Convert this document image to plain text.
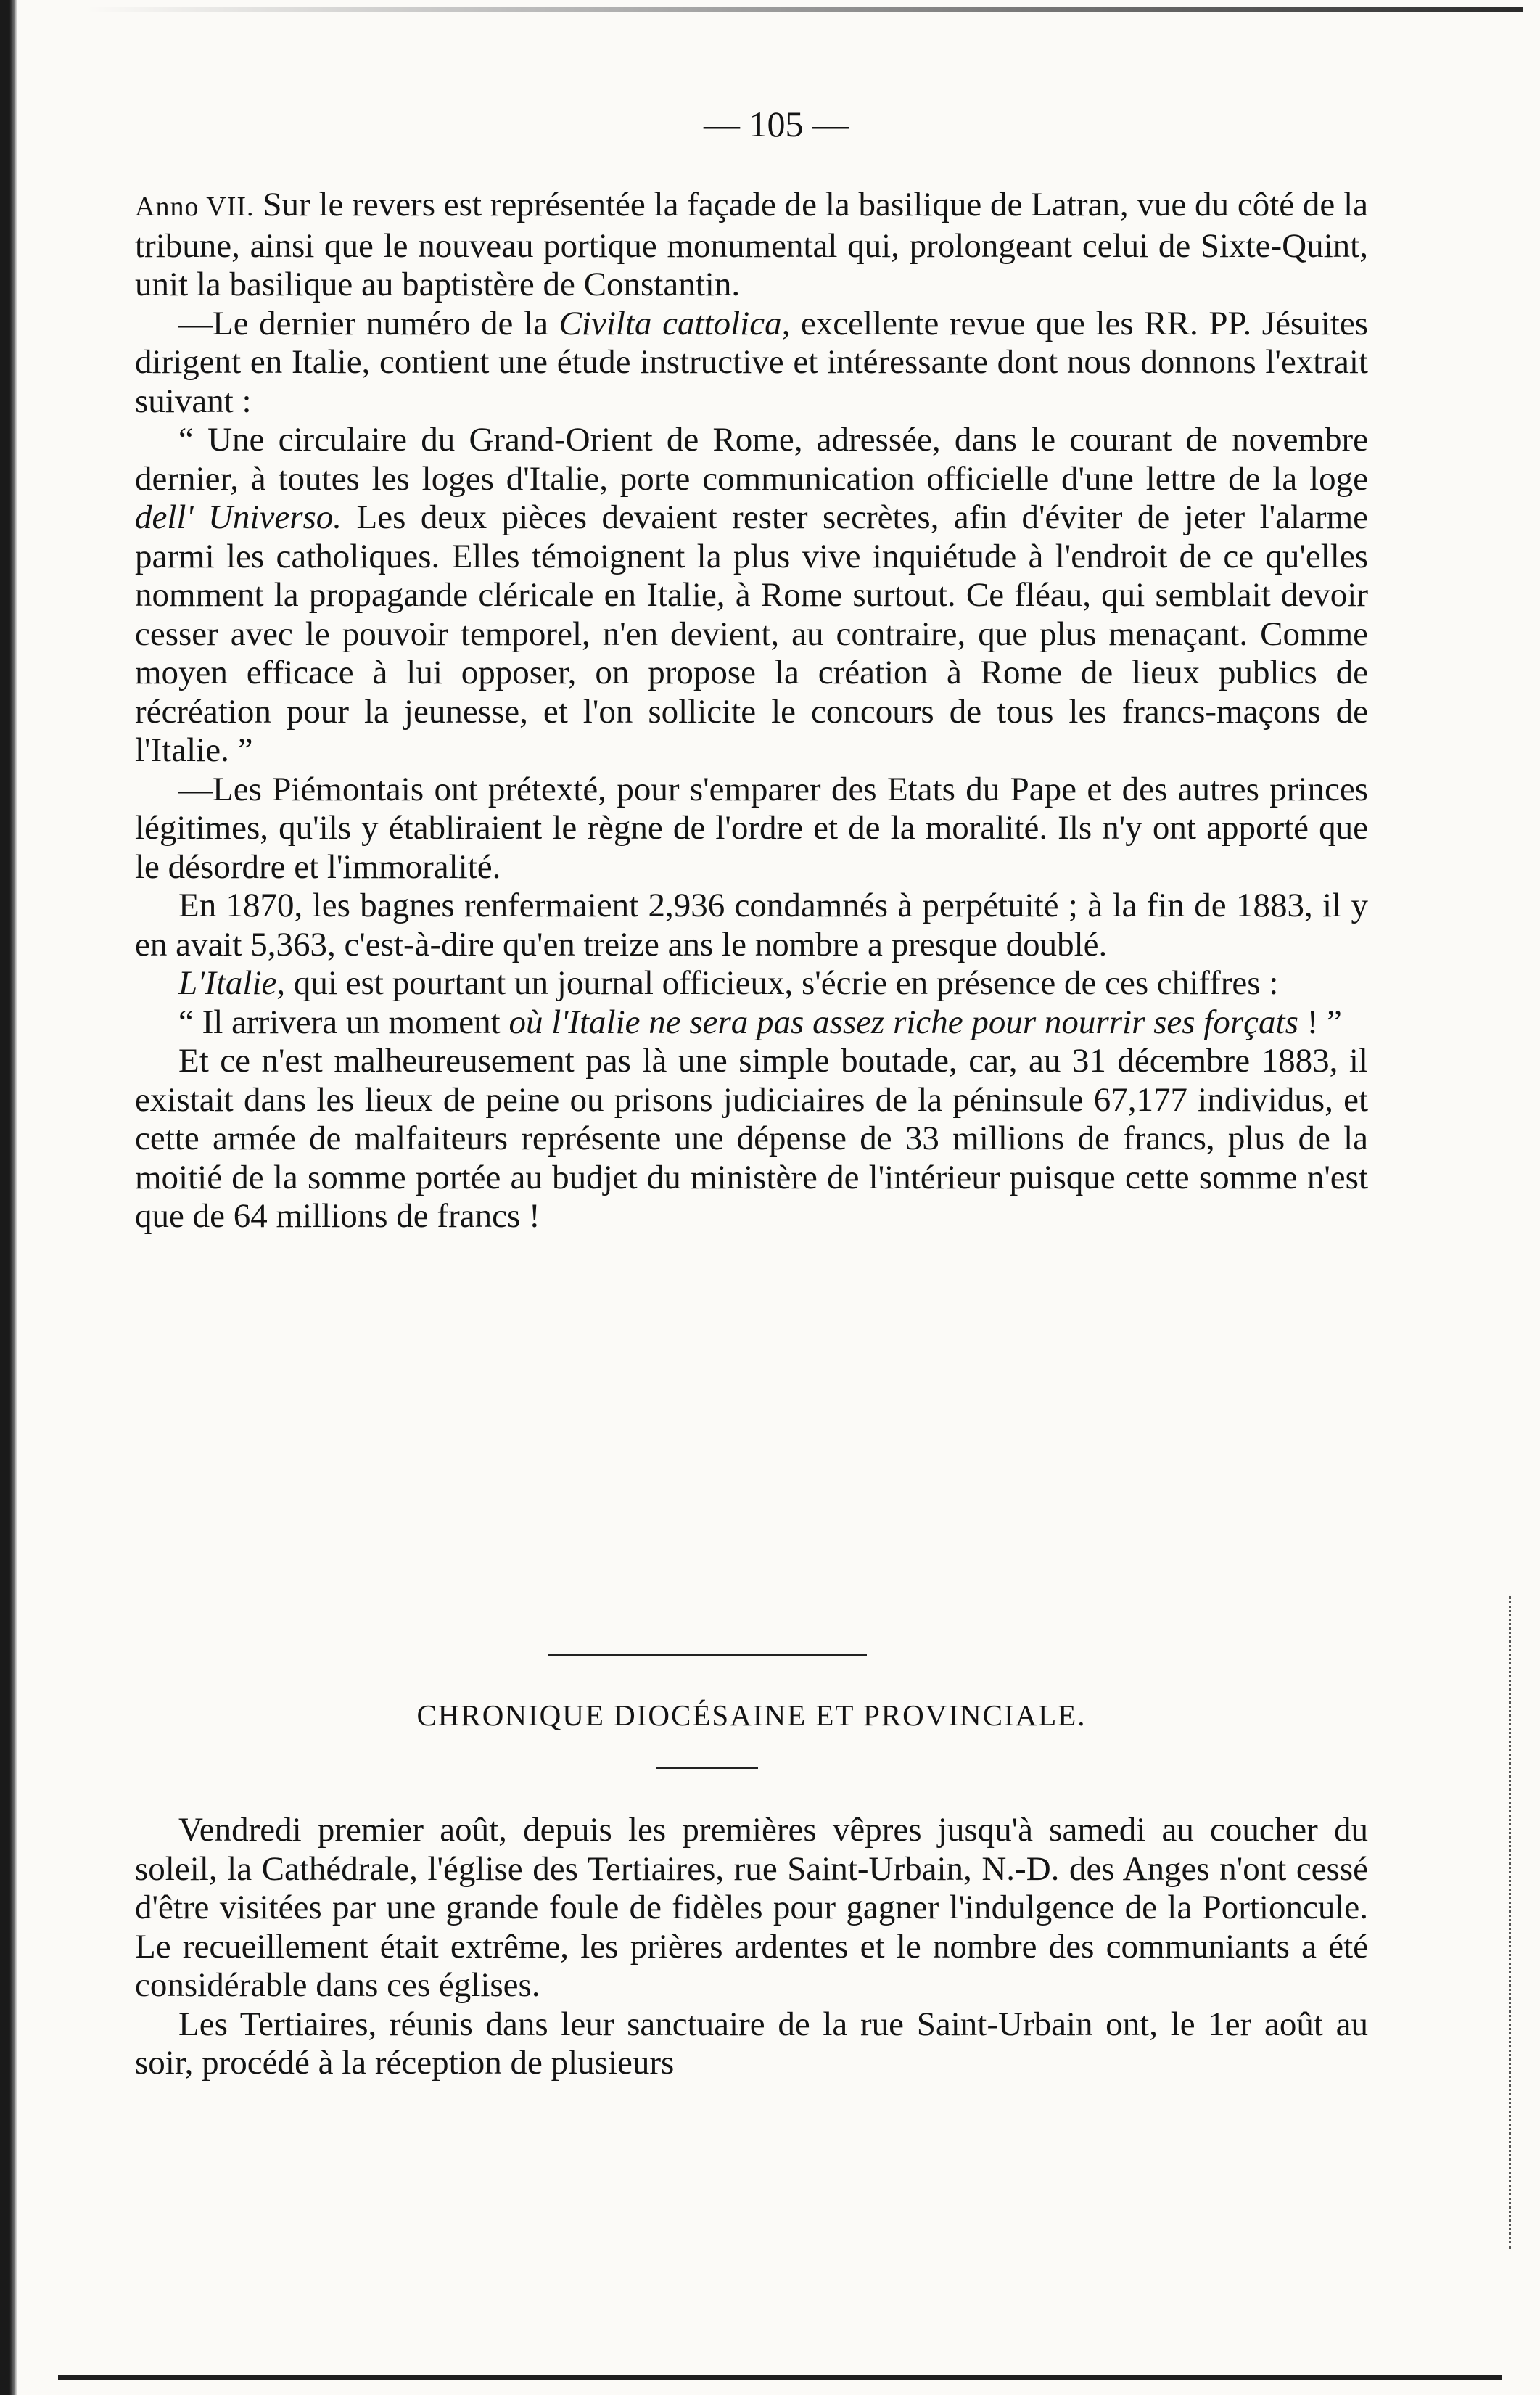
— 105 —

Anno VII. Sur le revers est représentée la façade de la basilique de Latran, vue du côté de la tribune, ainsi que le nouveau portique monumental qui, prolongeant celui de Sixte-Quint, unit la basilique au baptistère de Constantin.

—Le dernier numéro de la Civilta cattolica, excellente revue que les RR. PP. Jésuites dirigent en Italie, contient une étude instructive et intéressante dont nous donnons l'extrait suivant :

“ Une circulaire du Grand-Orient de Rome, adressée, dans le courant de novembre dernier, à toutes les loges d'Italie, porte communication officielle d'une lettre de la loge dell' Universo. Les deux pièces devaient rester secrètes, afin d'éviter de jeter l'alarme parmi les catholiques. Elles témoignent la plus vive inquiétude à l'endroit de ce qu'elles nomment la propagande cléricale en Italie, à Rome surtout. Ce fléau, qui semblait devoir cesser avec le pouvoir temporel, n'en devient, au contraire, que plus menaçant. Comme moyen efficace à lui opposer, on propose la création à Rome de lieux publics de récréation pour la jeunesse, et l'on sollicite le concours de tous les francs-maçons de l'Italie. ”

—Les Piémontais ont prétexté, pour s'emparer des Etats du Pape et des autres princes légitimes, qu'ils y établiraient le règne de l'ordre et de la moralité. Ils n'y ont apporté que le désordre et l'immoralité.

En 1870, les bagnes renfermaient 2,936 condamnés à perpétuité ; à la fin de 1883, il y en avait 5,363, c'est-à-dire qu'en treize ans le nombre a presque doublé.

L'Italie, qui est pourtant un journal officieux, s'écrie en présence de ces chiffres :

“ Il arrivera un moment où l'Italie ne sera pas assez riche pour nourrir ses forçats ! ”

Et ce n'est malheureusement pas là une simple boutade, car, au 31 décembre 1883, il existait dans les lieux de peine ou prisons judiciaires de la péninsule 67,177 individus, et cette armée de malfaiteurs représente une dépense de 33 millions de francs, plus de la moitié de la somme portée au budjet du ministère de l'intérieur puisque cette somme n'est que de 64 millions de francs !

CHRONIQUE DIOCÉSAINE ET PROVINCIALE.

Vendredi premier août, depuis les premières vêpres jusqu'à samedi au coucher du soleil, la Cathédrale, l'église des Tertiaires, rue Saint-Urbain, N.-D. des Anges n'ont cessé d'être visitées par une grande foule de fidèles pour gagner l'indulgence de la Portioncule. Le recueillement était extrême, les prières ardentes et le nombre des communiants a été considérable dans ces églises.

Les Tertiaires, réunis dans leur sanctuaire de la rue Saint-Urbain ont, le 1er août au soir, procédé à la réception de plusieurs
